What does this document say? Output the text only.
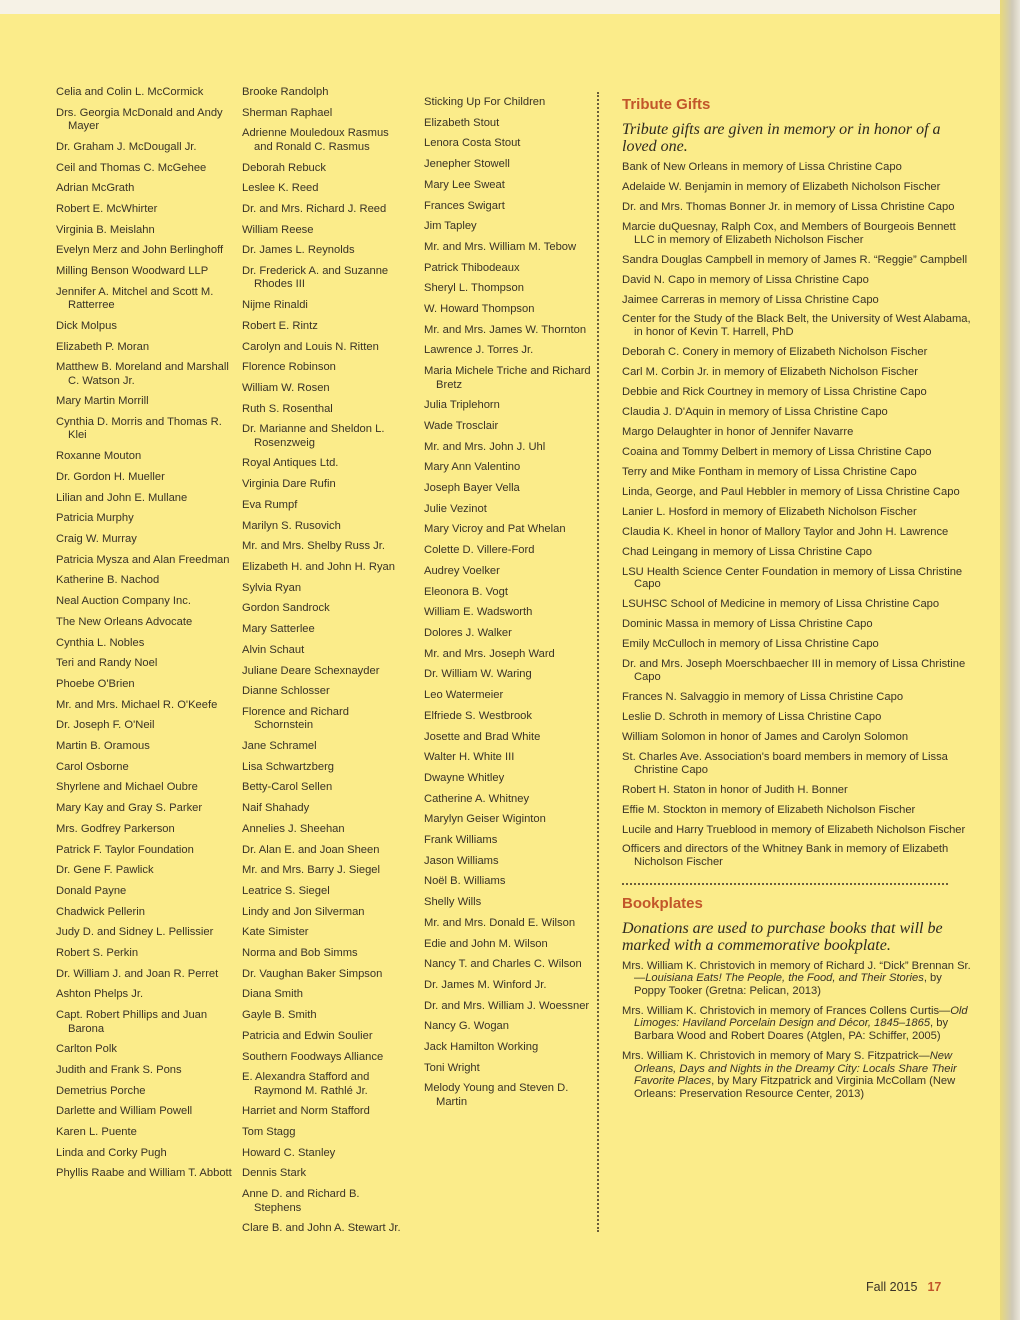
Celia and Colin L. McCormick
Drs. Georgia McDonald and Andy Mayer
Dr. Graham J. McDougall Jr.
Ceil and Thomas C. McGehee
Adrian McGrath
Robert E. McWhirter
Virginia B. Meislahn
Evelyn Merz and John Berlinghoff
Milling Benson Woodward LLP
Jennifer A. Mitchel and Scott M. Ratterree
Dick Molpus
Elizabeth P. Moran
Matthew B. Moreland and Marshall C. Watson Jr.
Mary Martin Morrill
Cynthia D. Morris and Thomas R. Klei
Roxanne Mouton
Dr. Gordon H. Mueller
Lilian and John E. Mullane
Patricia Murphy
Craig W. Murray
Patricia Mysza and Alan Freedman
Katherine B. Nachod
Neal Auction Company Inc.
The New Orleans Advocate
Cynthia L. Nobles
Teri and Randy Noel
Phoebe O'Brien
Mr. and Mrs. Michael R. O'Keefe
Dr. Joseph F. O'Neil
Martin B. Oramous
Carol Osborne
Shyrlene and Michael Oubre
Mary Kay and Gray S. Parker
Mrs. Godfrey Parkerson
Patrick F. Taylor Foundation
Dr. Gene F. Pawlick
Donald Payne
Chadwick Pellerin
Judy D. and Sidney L. Pellissier
Robert S. Perkin
Dr. William J. and Joan R. Perret
Ashton Phelps Jr.
Capt. Robert Phillips and Juan Barona
Carlton Polk
Judith and Frank S. Pons
Demetrius Porche
Darlette and William Powell
Karen L. Puente
Linda and Corky Pugh
Phyllis Raabe and William T. Abbott
Brooke Randolph
Sherman Raphael
Adrienne Mouledoux Rasmus and Ronald C. Rasmus
Deborah Rebuck
Leslee K. Reed
Dr. and Mrs. Richard J. Reed
William Reese
Dr. James L. Reynolds
Dr. Frederick A. and Suzanne Rhodes III
Nijme Rinaldi
Robert E. Rintz
Carolyn and Louis N. Ritten
Florence Robinson
William W. Rosen
Ruth S. Rosenthal
Dr. Marianne and Sheldon L. Rosenzweig
Royal Antiques Ltd.
Virginia Dare Rufin
Eva Rumpf
Marilyn S. Rusovich
Mr. and Mrs. Shelby Russ Jr.
Elizabeth H. and John H. Ryan
Sylvia Ryan
Gordon Sandrock
Mary Satterlee
Alvin Schaut
Juliane Deare Schexnayder
Dianne Schlosser
Florence and Richard Schornstein
Jane Schramel
Lisa Schwartzberg
Betty-Carol Sellen
Naif Shahady
Annelies J. Sheehan
Dr. Alan E. and Joan Sheen
Mr. and Mrs. Barry J. Siegel
Leatrice S. Siegel
Lindy and Jon Silverman
Kate Simister
Norma and Bob Simms
Dr. Vaughan Baker Simpson
Diana Smith
Gayle B. Smith
Patricia and Edwin Soulier
Southern Foodways Alliance
E. Alexandra Stafford and Raymond M. Rathlé Jr.
Harriet and Norm Stafford
Tom Stagg
Howard C. Stanley
Dennis Stark
Anne D. and Richard B. Stephens
Clare B. and John A. Stewart Jr.
Sticking Up For Children
Elizabeth Stout
Lenora Costa Stout
Jenepher Stowell
Mary Lee Sweat
Frances Swigart
Jim Tapley
Mr. and Mrs. William M. Tebow
Patrick Thibodeaux
Sheryl L. Thompson
W. Howard Thompson
Mr. and Mrs. James W. Thornton
Lawrence J. Torres Jr.
Maria Michele Triche and Richard Bretz
Julia Triplehorn
Wade Trosclair
Mr. and Mrs. John J. Uhl
Mary Ann Valentino
Joseph Bayer Vella
Julie Vezinot
Mary Vicroy and Pat Whelan
Colette D. Villere-Ford
Audrey Voelker
Eleonora B. Vogt
William E. Wadsworth
Dolores J. Walker
Mr. and Mrs. Joseph Ward
Dr. William W. Waring
Leo Watermeier
Elfriede S. Westbrook
Josette and Brad White
Walter H. White III
Dwayne Whitley
Catherine A. Whitney
Marylyn Geiser Wiginton
Frank Williams
Jason Williams
Noël B. Williams
Shelly Wills
Mr. and Mrs. Donald E. Wilson
Edie and John M. Wilson
Nancy T. and Charles C. Wilson
Dr. James M. Winford Jr.
Dr. and Mrs. William J. Woessner
Nancy G. Wogan
Jack Hamilton Working
Toni Wright
Melody Young and Steven D. Martin
Tribute Gifts

Tribute gifts are given in memory or in honor of a loved one.

Bank of New Orleans in memory of Lissa Christine Capo
Adelaide W. Benjamin in memory of Elizabeth Nicholson Fischer
Dr. and Mrs. Thomas Bonner Jr. in memory of Lissa Christine Capo
Marcie duQuesnay, Ralph Cox, and Members of Bourgeois Bennett LLC in memory of Elizabeth Nicholson Fischer
Sandra Douglas Campbell in memory of James R. “Reggie” Campbell
David N. Capo in memory of Lissa Christine Capo
Jaimee Carreras in memory of Lissa Christine Capo
Center for the Study of the Black Belt, the University of West Alabama, in honor of Kevin T. Harrell, PhD
Deborah C. Conery in memory of Elizabeth Nicholson Fischer
Carl M. Corbin Jr. in memory of Elizabeth Nicholson Fischer
Debbie and Rick Courtney in memory of Lissa Christine Capo
Claudia J. D'Aquin in memory of Lissa Christine Capo
Margo Delaughter in honor of Jennifer Navarre
Coaina and Tommy Delbert in memory of Lissa Christine Capo
Terry and Mike Fontham in memory of Lissa Christine Capo
Linda, George, and Paul Hebbler in memory of Lissa Christine Capo
Lanier L. Hosford in memory of Elizabeth Nicholson Fischer
Claudia K. Kheel in honor of Mallory Taylor and John H. Lawrence
Chad Leingang in memory of Lissa Christine Capo
LSU Health Science Center Foundation in memory of Lissa Christine Capo
LSUHSC School of Medicine in memory of Lissa Christine Capo
Dominic Massa in memory of Lissa Christine Capo
Emily McCulloch in memory of Lissa Christine Capo
Dr. and Mrs. Joseph Moerschbaecher III in memory of Lissa Christine Capo
Frances N. Salvaggio in memory of Lissa Christine Capo
Leslie D. Schroth in memory of Lissa Christine Capo
William Solomon in honor of James and Carolyn Solomon
St. Charles Ave. Association's board members in memory of Lissa Christine Capo
Robert H. Staton in honor of Judith H. Bonner
Effie M. Stockton in memory of Elizabeth Nicholson Fischer
Lucile and Harry Trueblood in memory of Elizabeth Nicholson Fischer
Officers and directors of the Whitney Bank in memory of Elizabeth Nicholson Fischer
Bookplates

Donations are used to purchase books that will be marked with a commemorative bookplate.

Mrs. William K. Christovich in memory of Richard J. “Dick” Brennan Sr.—Louisiana Eats! The People, the Food, and Their Stories, by Poppy Tooker (Gretna: Pelican, 2013)
Mrs. William K. Christovich in memory of Frances Collens Curtis—Old Limoges: Haviland Porcelain Design and Décor, 1845–1865, by Barbara Wood and Robert Doares (Atglen, PA: Schiffer, 2005)
Mrs. William K. Christovich in memory of Mary S. Fitzpatrick—New Orleans, Days and Nights in the Dreamy City: Locals Share Their Favorite Places, by Mary Fitzpatrick and Virginia McCollam (New Orleans: Preservation Resource Center, 2013)
Fall 2015 17
